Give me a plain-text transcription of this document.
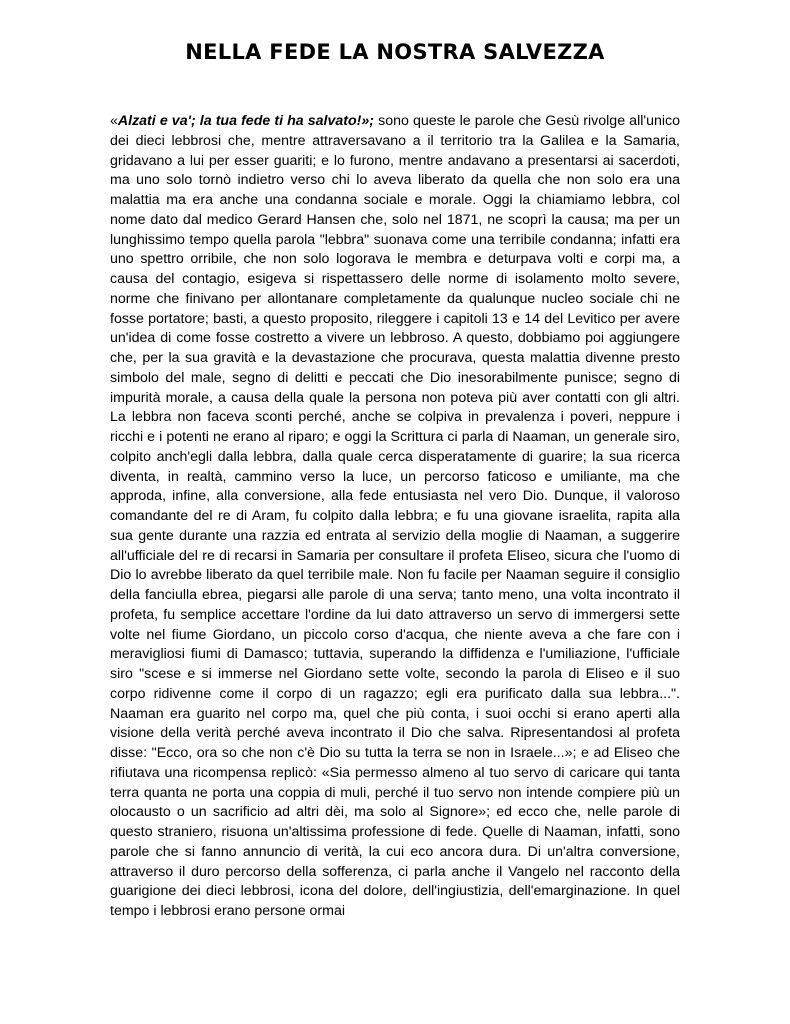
NELLA FEDE LA NOSTRA SALVEZZA

«Alzati e va'; la tua fede ti ha salvato!»; sono queste le parole che Gesù rivolge all'unico dei dieci lebbrosi che, mentre attraversavano a il territorio tra la Galilea e la Samaria, gridavano a lui per esser guariti; e lo furono, mentre andavano a presentarsi ai sacerdoti, ma uno solo tornò indietro verso chi lo aveva liberato da quella che non solo era una malattia ma era anche una condanna sociale e morale. Oggi la chiamiamo lebbra, col nome dato dal medico Gerard Hansen che, solo nel 1871, ne scoprì la causa; ma per un lunghissimo tempo quella parola "lebbra" suonava come una terribile condanna; infatti era uno spettro orribile, che non solo logorava le membra e deturpava volti e corpi ma, a causa del contagio, esigeva si rispettassero delle norme di isolamento molto severe, norme che finivano per allontanare completamente da qualunque nucleo sociale chi ne fosse portatore; basti, a questo proposito, rileggere i capitoli 13 e 14 del Levitico per avere un'idea di come fosse costretto a vivere un lebbroso. A questo, dobbiamo poi aggiungere che, per la sua gravità e la devastazione che procurava, questa malattia divenne presto simbolo del male, segno di delitti e peccati che Dio inesorabilmente punisce; segno di impurità morale, a causa della quale la persona non poteva più aver contatti con gli altri. La lebbra non faceva sconti perché, anche se colpiva in prevalenza i poveri, neppure i ricchi e i potenti ne erano al riparo; e oggi la Scrittura ci parla di Naaman, un generale siro, colpito anch'egli dalla lebbra, dalla quale cerca disperatamente di guarire; la sua ricerca diventa, in realtà, cammino verso la luce, un percorso faticoso e umiliante, ma che approda, infine, alla conversione, alla fede entusiasta nel vero Dio. Dunque, il valoroso comandante del re di Aram, fu colpito dalla lebbra; e fu una giovane israelita, rapita alla sua gente durante una razzia ed entrata al servizio della moglie di Naaman, a suggerire all'ufficiale del re di recarsi in Samaria per consultare il profeta Eliseo, sicura che l'uomo di Dio lo avrebbe liberato da quel terribile male. Non fu facile per Naaman seguire il consiglio della fanciulla ebrea, piegarsi alle parole di una serva; tanto meno, una volta incontrato il profeta, fu semplice accettare l'ordine da lui dato attraverso un servo di immergersi sette volte nel fiume Giordano, un piccolo corso d'acqua, che niente aveva a che fare con i meravigliosi fiumi di Damasco; tuttavia, superando la diffidenza e l'umiliazione, l'ufficiale siro "scese e si immerse nel Giordano sette volte, secondo la parola di Eliseo e il suo corpo ridivenne come il corpo di un ragazzo; egli era purificato dalla sua lebbra...". Naaman era guarito nel corpo ma, quel che più conta, i suoi occhi si erano aperti alla visione della verità perché aveva incontrato il Dio che salva. Ripresentandosi al profeta disse: "Ecco, ora so che non c'è Dio su tutta la terra se non in Israele...»; e ad Eliseo che rifiutava una ricompensa replicò: «Sia permesso almeno al tuo servo di caricare qui tanta terra quanta ne porta una coppia di muli, perché il tuo servo non intende compiere più un olocausto o un sacrificio ad altri dèi, ma solo al Signore»; ed ecco che, nelle parole di questo straniero, risuona un'altissima professione di fede. Quelle di Naaman, infatti, sono parole che si fanno annuncio di verità, la cui eco ancora dura. Di un'altra conversione, attraverso il duro percorso della sofferenza, ci parla anche il Vangelo nel racconto della guarigione dei dieci lebbrosi, icona del dolore, dell'ingiustizia, dell'emarginazione. In quel tempo i lebbrosi erano persone ormai
